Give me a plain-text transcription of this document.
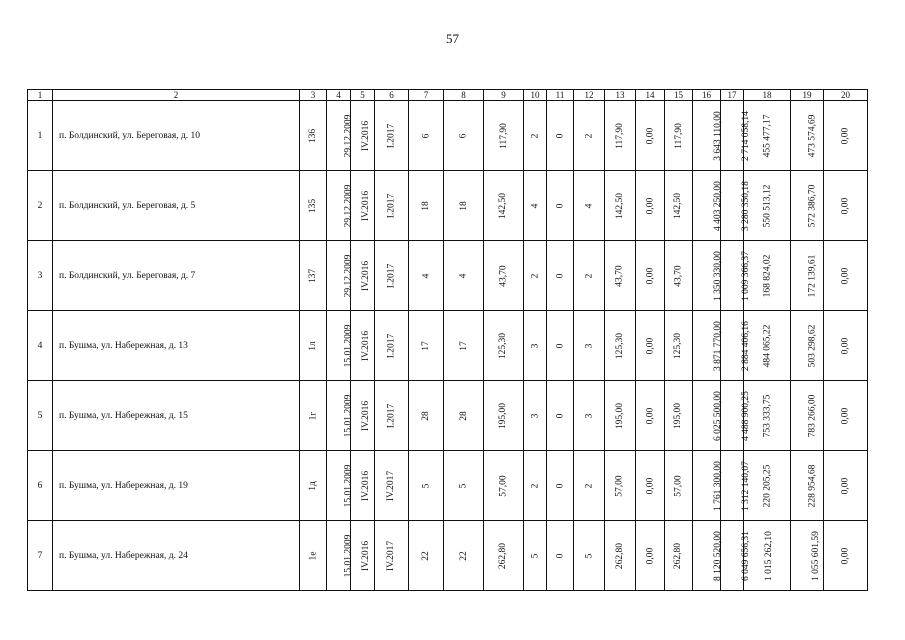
57
1	2	3	4	5	6	7	8	9	10	11	12	13	14	15	16	17	18	19	20
1	п. Болдинский, ул. Береговая, д. 10	136	29.12.2009	IV.2016	I.2017	6	6	117,90	2	0	2	117,90	0,00	117,90	3 643 110,00	2 714 058,14	455 477,17	473 574,69	0,00
2	п. Болдинский, ул. Береговая, д. 5	135	29.12.2009	IV.2016	I.2017	18	18	142,50	4	0	4	142,50	0,00	142,50	4 403 250,00	3 280 350,18	550 513,12	572 386,70	0,00
3	п. Болдинский, ул. Береговая, д. 7	137	29.12.2009	IV.2016	I.2017	4	4	43,70	2	0	2	43,70	0,00	43,70	1 350 330,00	1 009 366,37	168 824,02	172 139,61	0,00
4	п. Бушма, ул. Набережная, д. 13	1л	15.01.2009	IV.2016	I.2017	17	17	125,30	3	0	3	125,30	0,00	125,30	3 871 770,00	2 884 406,16	484 065,22	503 298,62	0,00
5	п. Бушма, ул. Набережная, д. 15	1г	15.01.2009	IV.2016	I.2017	28	28	195,00	3	0	3	195,00	0,00	195,00	6 025 500,00	4 488 900,25	753 333,75	783 266,00	0,00
6	п. Бушма, ул. Набережная, д. 19	1д	15.01.2009	IV.2016	IV.2017	5	5	57,00	2	0	2	57,00	0,00	57,00	1 761 300,00	1 312 140,07	220 205,25	228 954,68	0,00
7	п. Бушма, ул. Набережная, д. 24	1е	15.01.2009	IV.2016	IV.2017	22	22	262,80	5	0	5	262,80	0,00	262,80	8 120 520,00	6 049 656,31	1 015 262,10	1 055 601,59	0,00
